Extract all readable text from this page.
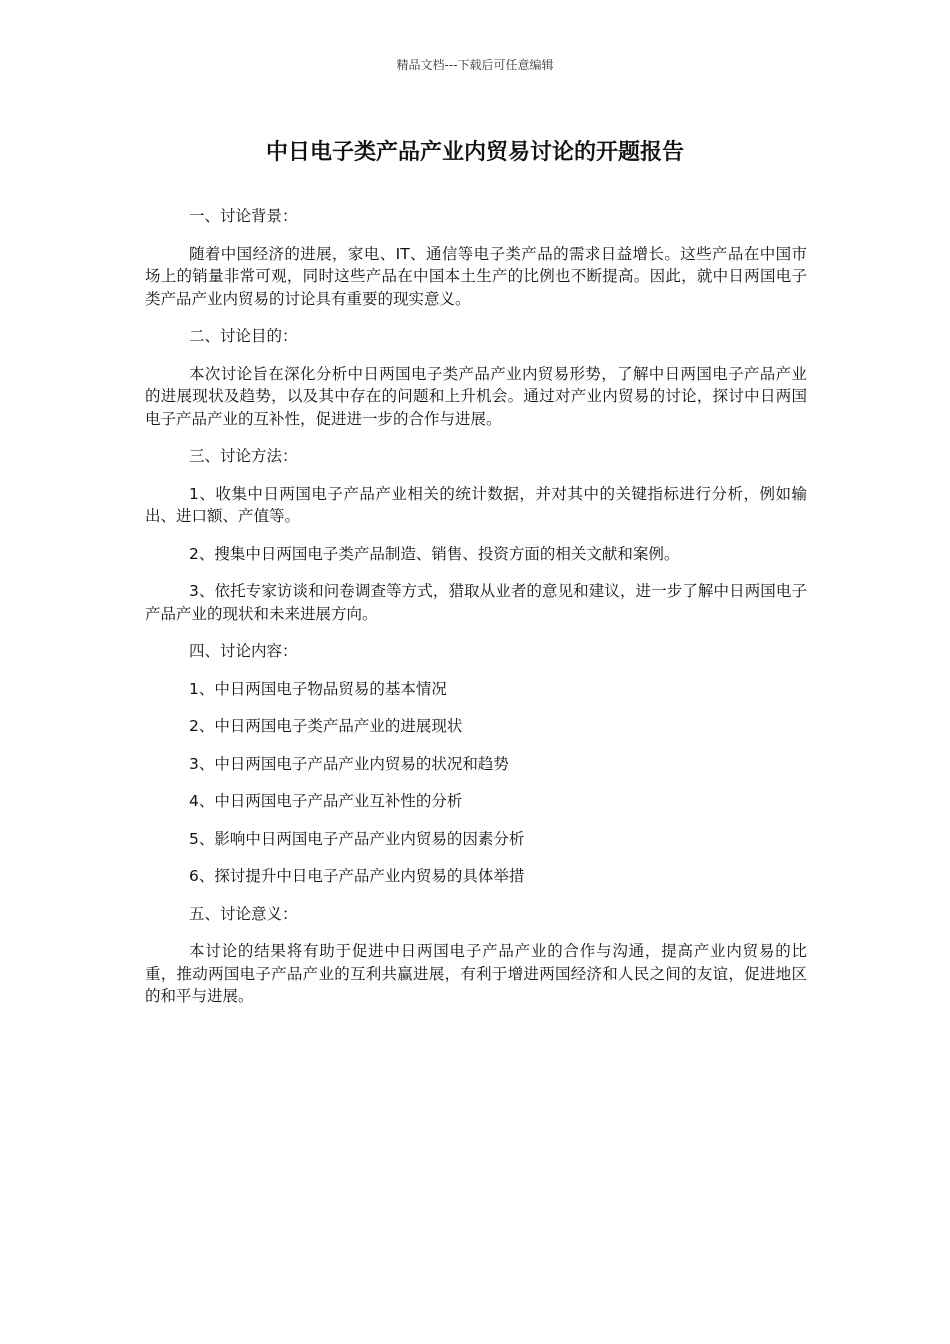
精品文档---下载后可任意编辑
中日电子类产品产业内贸易讨论的开题报告

一、讨论背景：

随着中国经济的进展，家电、IT、通信等电子类产品的需求日益增长。这些产品在中国市场上的销量非常可观，同时这些产品在中国本土生产的比例也不断提高。因此，就中日两国电子类产品产业内贸易的讨论具有重要的现实意义。

二、讨论目的：

本次讨论旨在深化分析中日两国电子类产品产业内贸易形势，了解中日两国电子产品产业的进展现状及趋势，以及其中存在的问题和上升机会。通过对产业内贸易的讨论，探讨中日两国电子产品产业的互补性，促进进一步的合作与进展。

三、讨论方法：

1、收集中日两国电子产品产业相关的统计数据，并对其中的关键指标进行分析，例如输出、进口额、产值等。

2、搜集中日两国电子类产品制造、销售、投资方面的相关文献和案例。

3、依托专家访谈和问卷调查等方式，猎取从业者的意见和建议，进一步了解中日两国电子产品产业的现状和未来进展方向。

四、讨论内容：

1、中日两国电子物品贸易的基本情况

2、中日两国电子类产品产业的进展现状

3、中日两国电子产品产业内贸易的状况和趋势

4、中日两国电子产品产业互补性的分析

5、影响中日两国电子产品产业内贸易的因素分析

6、探讨提升中日电子产品产业内贸易的具体举措

五、讨论意义：

本讨论的结果将有助于促进中日两国电子产品产业的合作与沟通，提高产业内贸易的比重，推动两国电子产品产业的互利共赢进展，有利于增进两国经济和人民之间的友谊，促进地区的和平与进展。
